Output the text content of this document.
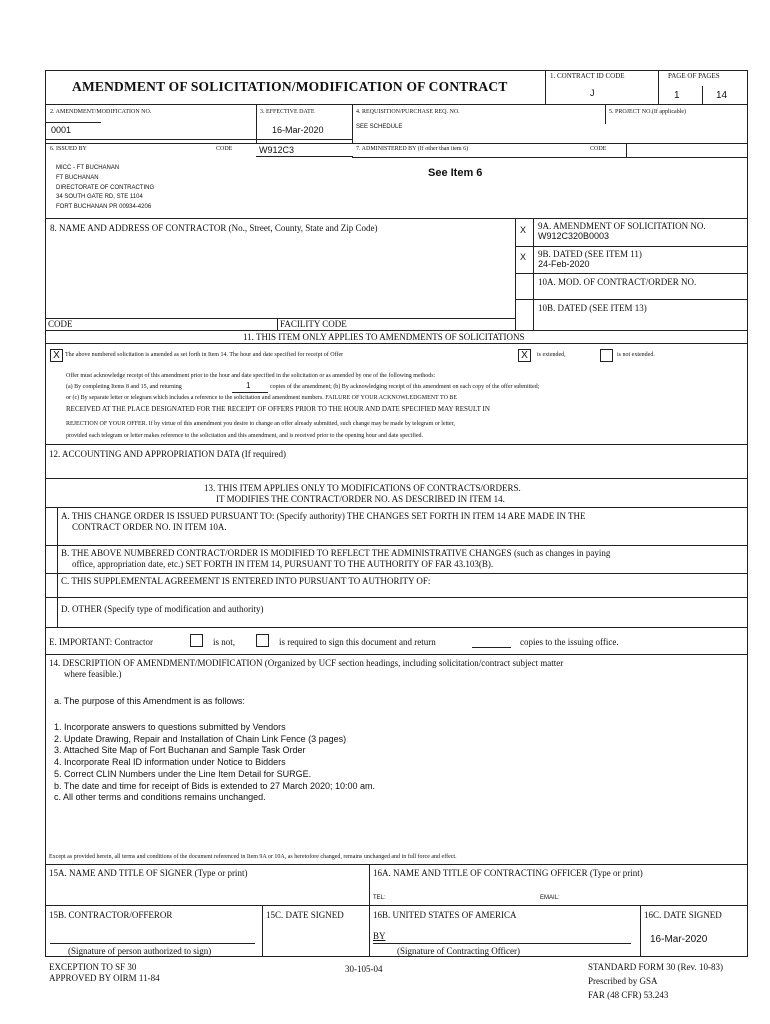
AMENDMENT OF SOLICITATION/MODIFICATION OF CONTRACT
1. CONTRACT ID CODE
J
PAGE OF PAGES
1	14
2. AMENDMENT/MODIFICATION NO.
0001
3. EFFECTIVE DATE
16-Mar-2020
4. REQUISITION/PURCHASE REQ. NO.
SEE SCHEDULE
5. PROJECT NO.(If applicable)
6. ISSUED BY	CODE	W912C3
MICC - FT BUCHANAN
FT BUCHANAN
DIRECTORATE OF CONTRACTING
34 SOUTH GATE RD, STE 1104
FORT BUCHANAN PR 00934-4206
7. ADMINISTERED BY (If other than item 6)	CODE
See Item 6
8. NAME AND ADDRESS OF CONTRACTOR (No., Street, County, State and Zip Code)	X 9A. AMENDMENT OF SOLICITATION NO.
W912C320B0003
X 9B. DATED (SEE ITEM 11)
24-Feb-2020
10A. MOD. OF CONTRACT/ORDER NO.
10B. DATED (SEE ITEM 13)
CODE	FACILITY CODE
11. THIS ITEM ONLY APPLIES TO AMENDMENTS OF SOLICITATIONS
X The above numbered solicitation is amended as set forth in Item 14. The hour and date specified for receipt of Offer	X	is extended,	is not extended.
Offer must acknowledge receipt of this amendment prior to the hour and date specified in the solicitation or as amended by one of the following methods:
(a) By completing Items 8 and 15, and returning	1	copies of the amendment; (b) By acknowledging receipt of this amendment on each copy of the offer submitted;
or (c) By separate letter or telegram which includes a reference to the solicitation and amendment numbers. FAILURE OF YOUR ACKNOWLEDGMENT TO BE
RECEIVED AT THE PLACE DESIGNATED FOR THE RECEIPT OF OFFERS PRIOR TO THE HOUR AND DATE SPECIFIED MAY RESULT IN
REJECTION OF YOUR OFFER. If by virtue of this amendment you desire to change an offer already submitted, such change may be made by telegram or letter,
provided each telegram or letter makes reference to the solicitation and this amendment, and is received prior to the opening hour and date specified.
12. ACCOUNTING AND APPROPRIATION DATA (If required)
13. THIS ITEM APPLIES ONLY TO MODIFICATIONS OF CONTRACTS/ORDERS.
IT MODIFIES THE CONTRACT/ORDER NO. AS DESCRIBED IN ITEM 14.
A. THIS CHANGE ORDER IS ISSUED PURSUANT TO: (Specify authority) THE CHANGES SET FORTH IN ITEM 14 ARE MADE IN THE
CONTRACT ORDER NO. IN ITEM 10A.
B. THE ABOVE NUMBERED CONTRACT/ORDER IS MODIFIED TO REFLECT THE ADMINISTRATIVE CHANGES (such as changes in paying
office, appropriation date, etc.) SET FORTH IN ITEM 14, PURSUANT TO THE AUTHORITY OF FAR 43.103(B).
C. THIS SUPPLEMENTAL AGREEMENT IS ENTERED INTO PURSUANT TO AUTHORITY OF:
D. OTHER (Specify type of modification and authority)
E. IMPORTANT: Contractor	is not,	is required to sign this document and return	copies to the issuing office.
14. DESCRIPTION OF AMENDMENT/MODIFICATION (Organized by UCF section headings, including solicitation/contract subject matter
where feasible.)
a. The purpose of this Amendment is as follows:
1. Incorporate answers to questions submitted by Vendors
2. Update Drawing, Repair and Installation of Chain Link Fence (3 pages)
3. Attached Site Map of Fort Buchanan and Sample Task Order
4. Incorporate Real ID information under Notice to Bidders
5. Correct CLIN Numbers under the Line Item Detail for SURGE.
b. The date and time for receipt of Bids is extended to 27 March 2020; 10:00 am.
c. All other terms and conditions remains unchanged.
Except as provided herein, all terms and conditions of the document referenced in Item 9A or 10A, as heretofore changed, remains unchanged and in full force and effect.
15A. NAME AND TITLE OF SIGNER (Type or print)	16A. NAME AND TITLE OF CONTRACTING OFFICER (Type or print)
TEL:	EMAIL:
15B. CONTRACTOR/OFFEROR
(Signature of person authorized to sign)
15C. DATE SIGNED	16B. UNITED STATES OF AMERICA
BY
(Signature of Contracting Officer)
16C. DATE SIGNED
16-Mar-2020
EXCEPTION TO SF 30
APPROVED BY OIRM 11-84
30-105-04	STANDARD FORM 30 (Rev. 10-83)
Prescribed by GSA
FAR (48 CFR) 53.243
